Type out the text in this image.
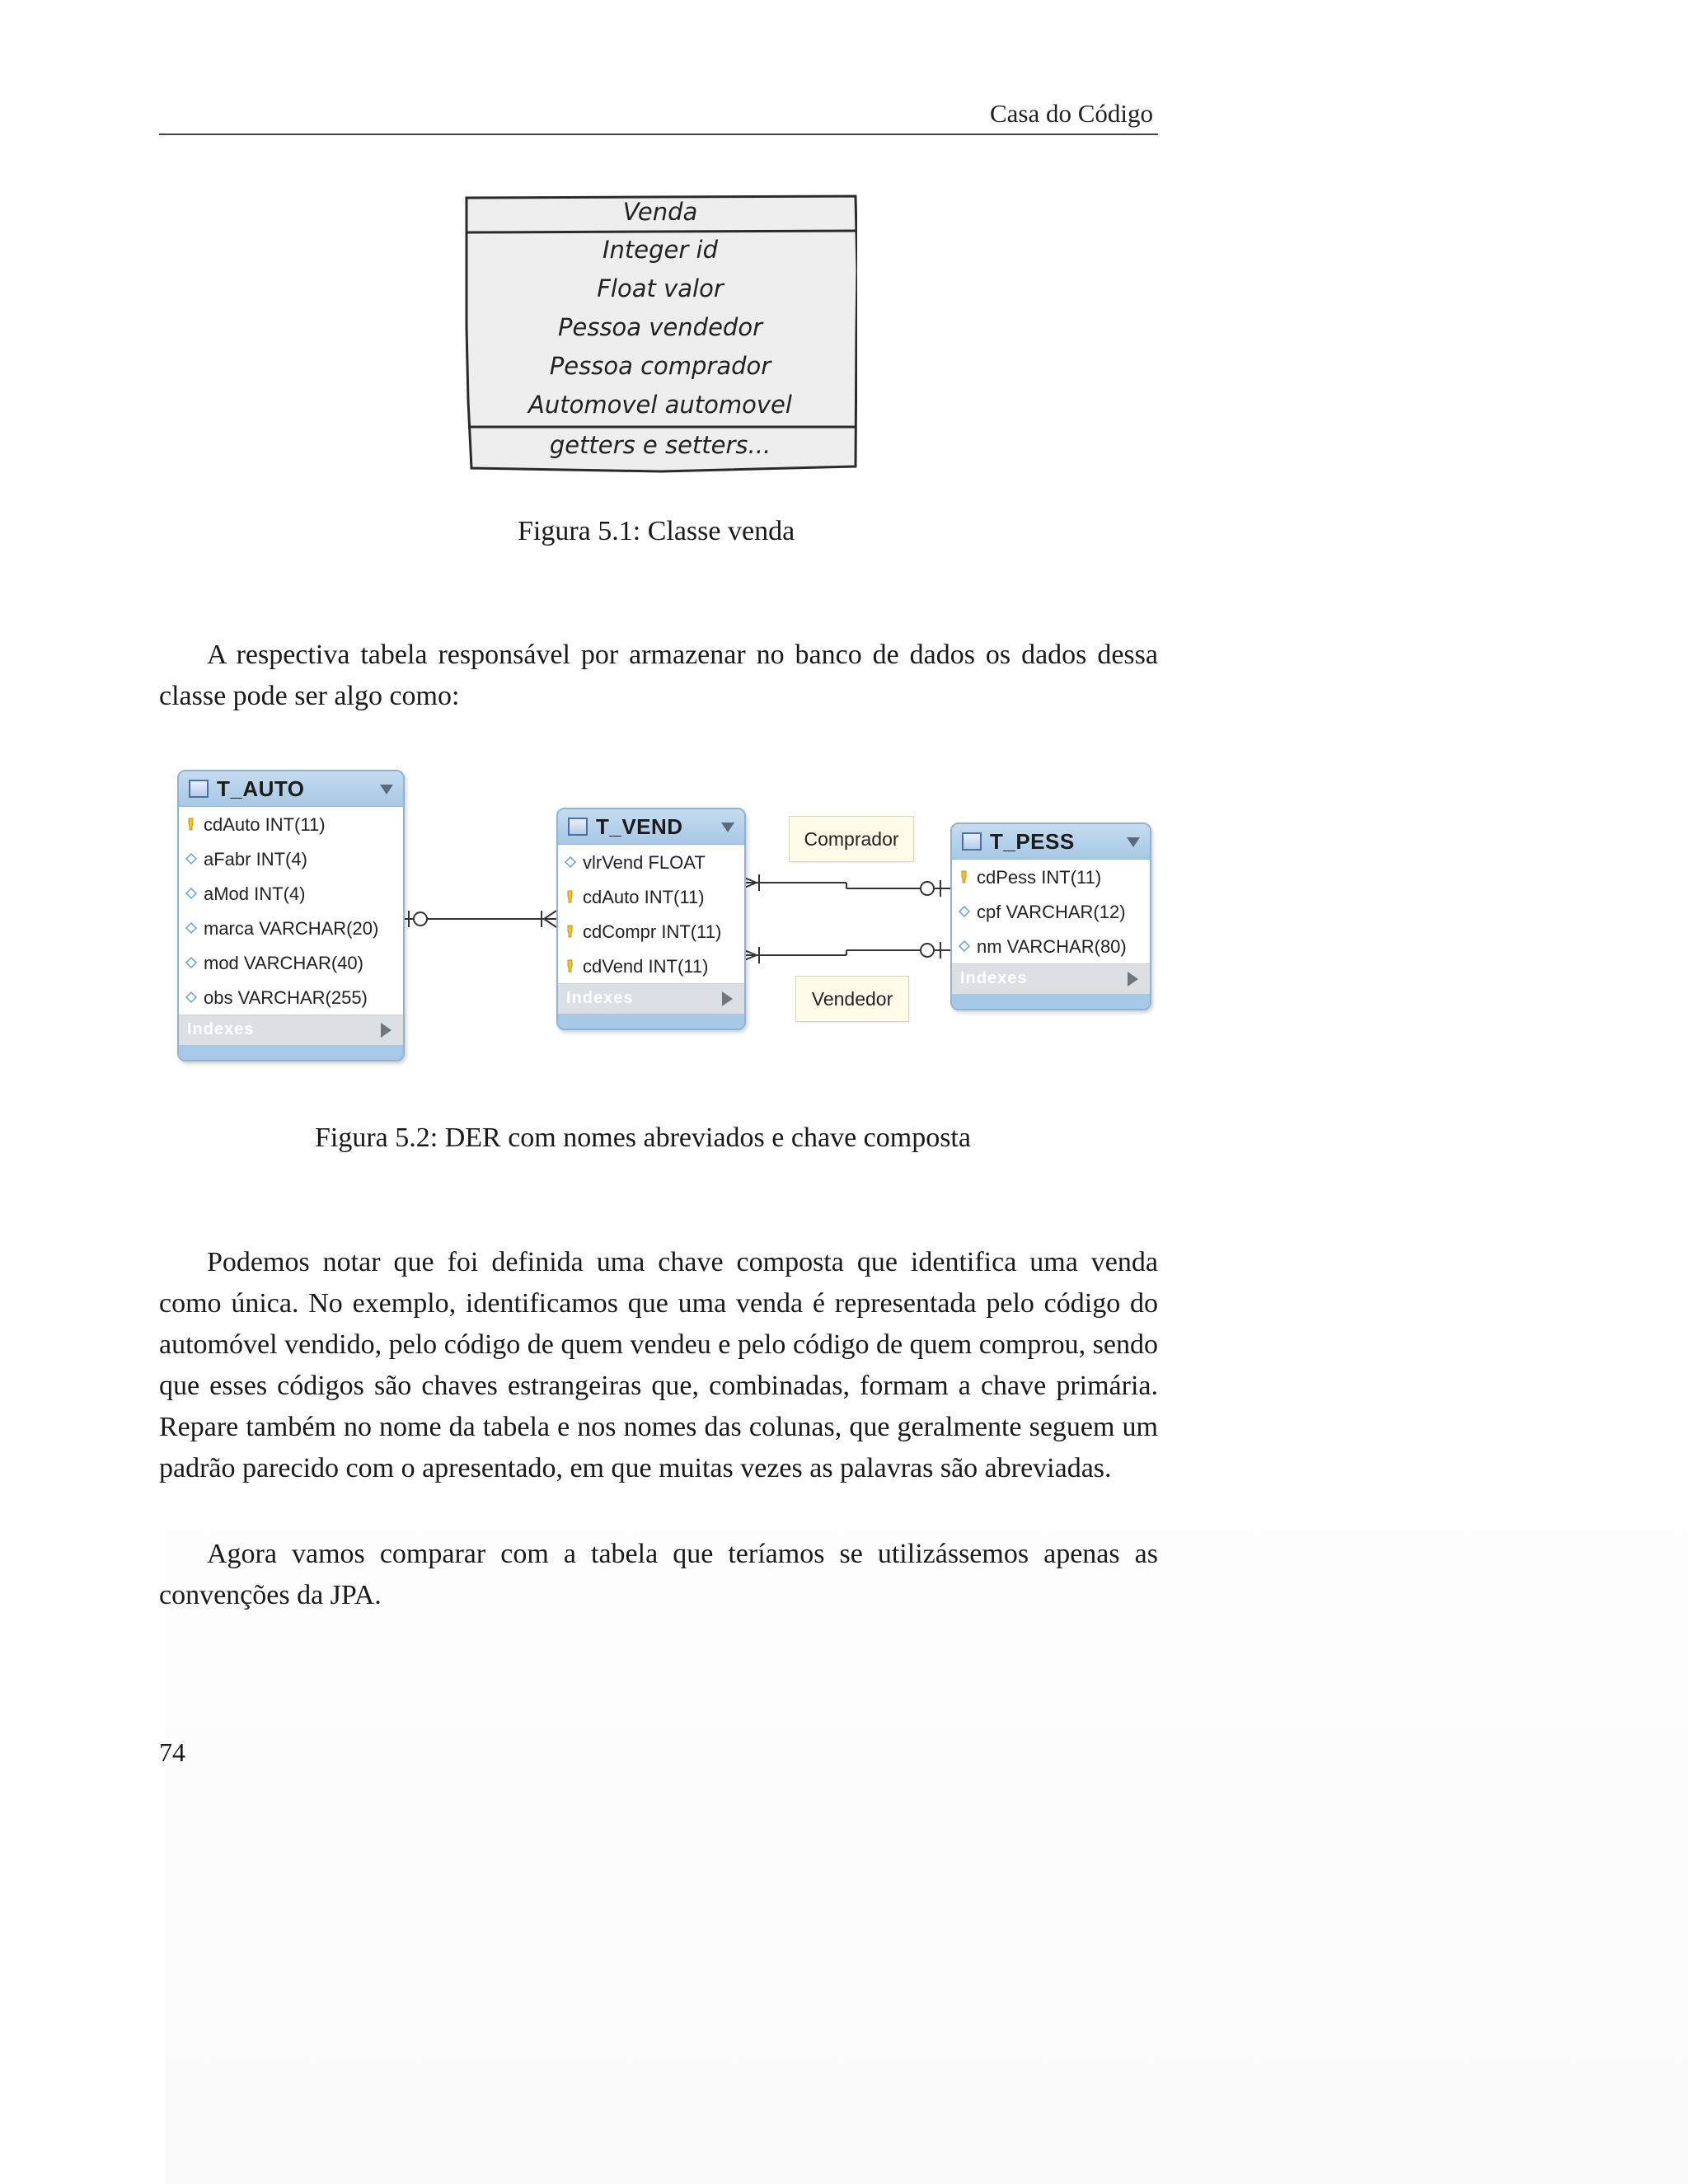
Casa do Código
Venda
Integer id
Float valor
Pessoa vendedor
Pessoa comprador
Automovel automovel
getters e setters...
Figura 5.1: Classe venda

A respectiva tabela responsável por armazenar no banco de dados os dados dessa classe pode ser algo como:

T_AUTO
cdAuto INT(11)
aFabr INT(4)
aMod INT(4)
marca VARCHAR(20)
mod VARCHAR(40)
obs VARCHAR(255)
Indexes
T_VEND
vlrVend FLOAT
cdAuto INT(11)
cdCompr INT(11)
cdVend INT(11)
Indexes
T_PESS
cdPess INT(11)
cpf VARCHAR(12)
nm VARCHAR(80)
Indexes
Comprador
Vendedor
Figura 5.2: DER com nomes abreviados e chave composta

Podemos notar que foi definida uma chave composta que identifica uma venda como única. No exemplo, identificamos que uma venda é representada pelo código do automóvel vendido, pelo código de quem vendeu e pelo código de quem comprou, sendo que esses códigos são chaves estrangeiras que, combinadas, formam a chave primária. Repare também no nome da tabela e nos nomes das colunas, que geralmente seguem um padrão parecido com o apresentado, em que muitas vezes as palavras são abreviadas.

Agora vamos comparar com a tabela que teríamos se utilizássemos apenas as convenções da JPA.

74
